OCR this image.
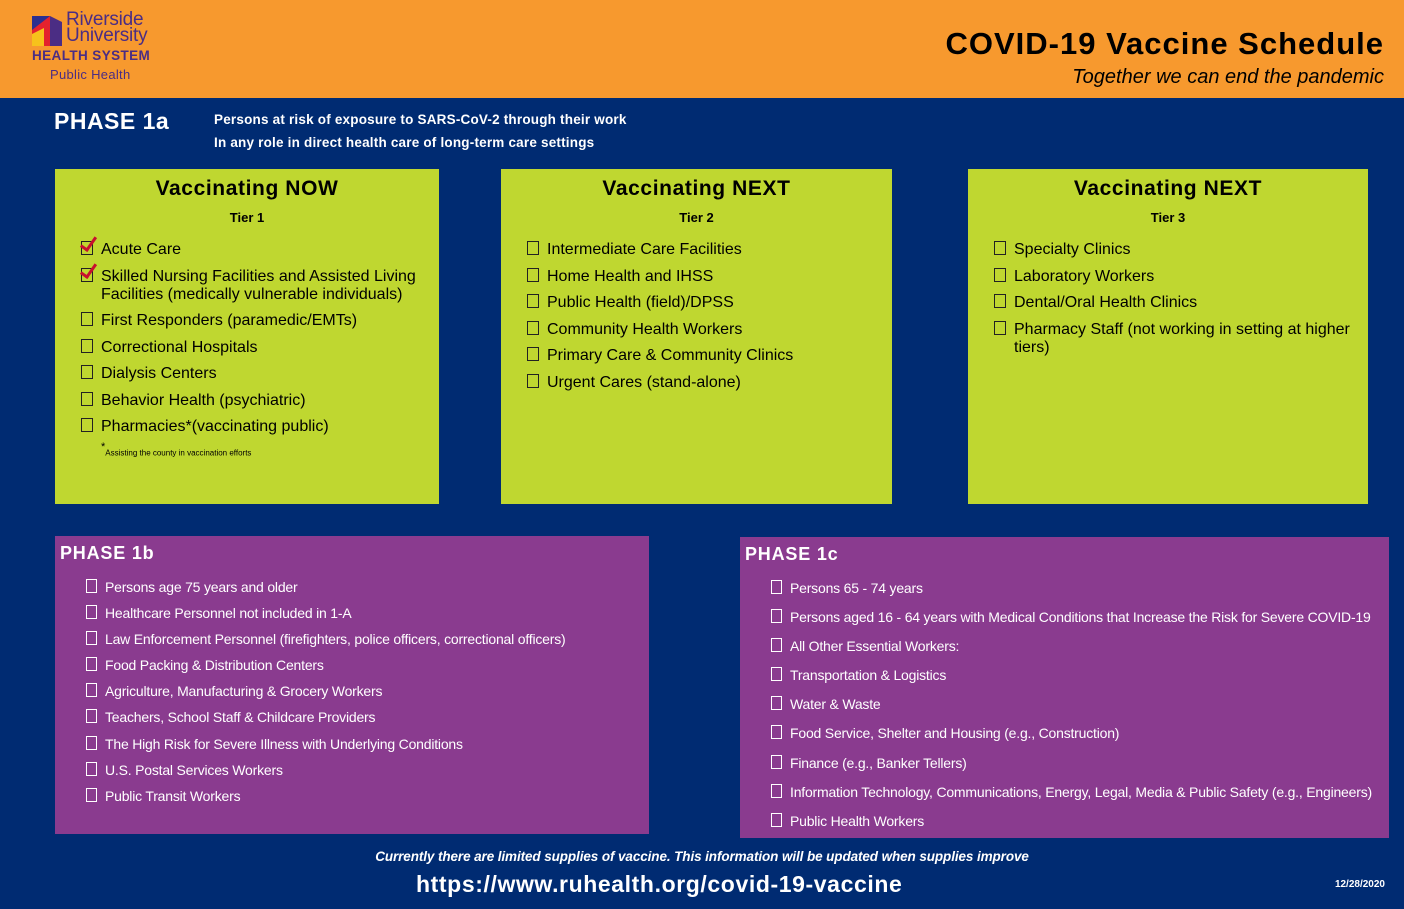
Riverside
University
HEALTH SYSTEM
Public Health
COVID-19 Vaccine Schedule
Together we can end the pandemic
PHASE 1a	Persons at risk of exposure to SARS-CoV-2 through their work
In any role in direct health care of long-term care settings
Vaccinating NOW
Tier 1
Acute Care
Skilled Nursing Facilities and Assisted Living Facilities (medically vulnerable individuals)
First Responders (paramedic/EMTs)
Correctional Hospitals
Dialysis Centers
Behavior Health (psychiatric)
Pharmacies*(vaccinating public)
*Assisting the county in vaccination efforts
Vaccinating NEXT
Tier 2
Intermediate Care Facilities
Home Health and IHSS
Public Health (field)/DPSS
Community Health Workers
Primary Care & Community Clinics
Urgent Cares (stand-alone)
Vaccinating NEXT
Tier 3
Specialty Clinics
Laboratory Workers
Dental/Oral Health Clinics
Pharmacy Staff (not working in setting at higher tiers)
PHASE 1b
Persons age 75 years and older
Healthcare Personnel not included in 1-A
Law Enforcement Personnel (firefighters, police officers, correctional officers)
Food Packing & Distribution Centers
Agriculture, Manufacturing & Grocery Workers
Teachers, School Staff & Childcare Providers
The High Risk for Severe Illness with Underlying Conditions
U.S. Postal Services Workers
Public Transit Workers
PHASE 1c
Persons 65 - 74 years
Persons aged 16 - 64 years with Medical Conditions that Increase the Risk for Severe COVID-19
All Other Essential Workers:
Transportation & Logistics
Water & Waste
Food Service, Shelter and Housing (e.g., Construction)
Finance (e.g., Banker Tellers)
Information Technology, Communications, Energy, Legal, Media & Public Safety (e.g., Engineers)
Public Health Workers
Currently there are limited supplies of vaccine. This information will be updated when supplies improve
https://www.ruhealth.org/covid-19-vaccine	12/28/2020
